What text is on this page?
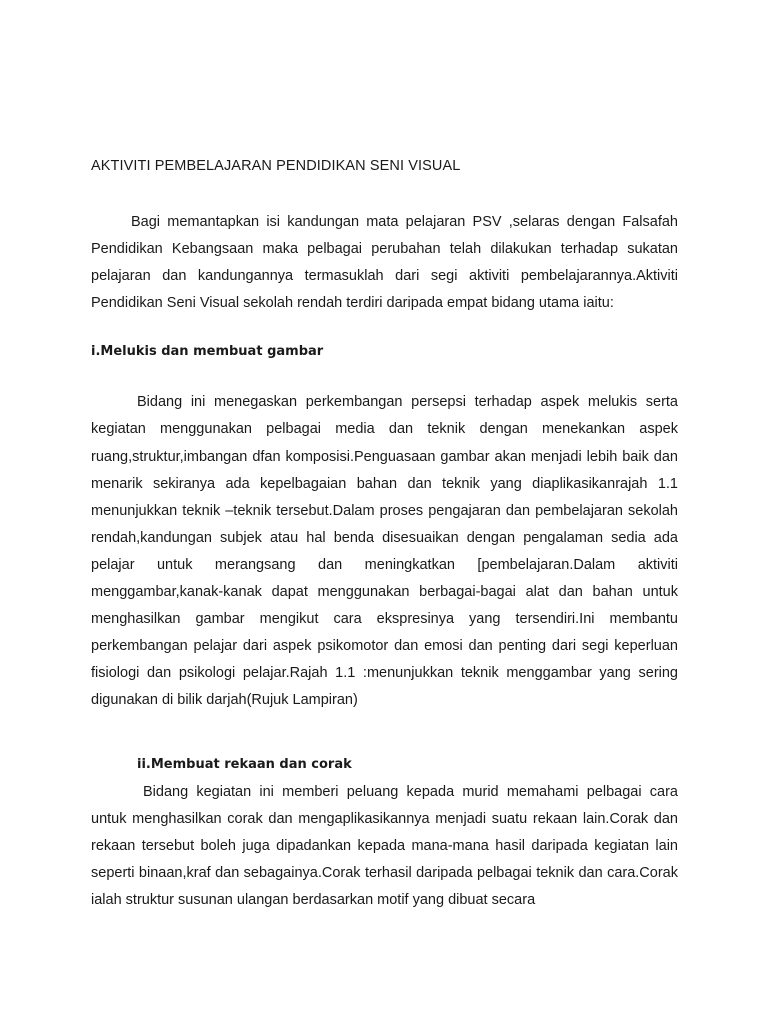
AKTIVITI PEMBELAJARAN PENDIDIKAN SENI VISUAL

Bagi memantapkan isi kandungan mata pelajaran PSV ,selaras dengan Falsafah Pendidikan Kebangsaan maka pelbagai perubahan telah dilakukan terhadap sukatan pelajaran dan kandungannya termasuklah dari segi aktiviti pembelajarannya.Aktiviti Pendidikan Seni Visual sekolah rendah terdiri daripada empat bidang utama iaitu:

i.Melukis dan membuat gambar

Bidang ini menegaskan perkembangan persepsi terhadap aspek melukis serta kegiatan menggunakan pelbagai media dan teknik dengan menekankan aspek ruang,struktur,imbangan dfan komposisi.Penguasaan gambar akan menjadi lebih baik dan menarik sekiranya ada kepelbagaian bahan dan teknik yang diaplikasikanrajah 1.1 menunjukkan teknik –teknik tersebut.Dalam proses pengajaran dan pembelajaran sekolah rendah,kandungan subjek atau hal benda disesuaikan dengan pengalaman sedia ada pelajar untuk merangsang dan meningkatkan [pembelajaran.Dalam aktiviti menggambar,kanak-kanak dapat menggunakan berbagai-bagai alat dan bahan untuk menghasilkan gambar mengikut cara ekspresinya yang tersendiri.Ini membantu perkembangan pelajar dari aspek psikomotor dan emosi dan penting dari segi keperluan fisiologi dan psikologi pelajar.Rajah 1.1 :menunjukkan teknik menggambar yang sering digunakan di bilik darjah(Rujuk Lampiran)

ii.Membuat rekaan dan corak

Bidang kegiatan ini memberi peluang kepada murid memahami pelbagai cara untuk menghasilkan corak dan mengaplikasikannya menjadi suatu rekaan lain.Corak dan rekaan tersebut boleh juga dipadankan kepada mana-mana hasil daripada kegiatan lain seperti binaan,kraf dan sebagainya.Corak terhasil daripada pelbagai teknik dan cara.Corak ialah struktur susunan ulangan berdasarkan motif yang dibuat secara
